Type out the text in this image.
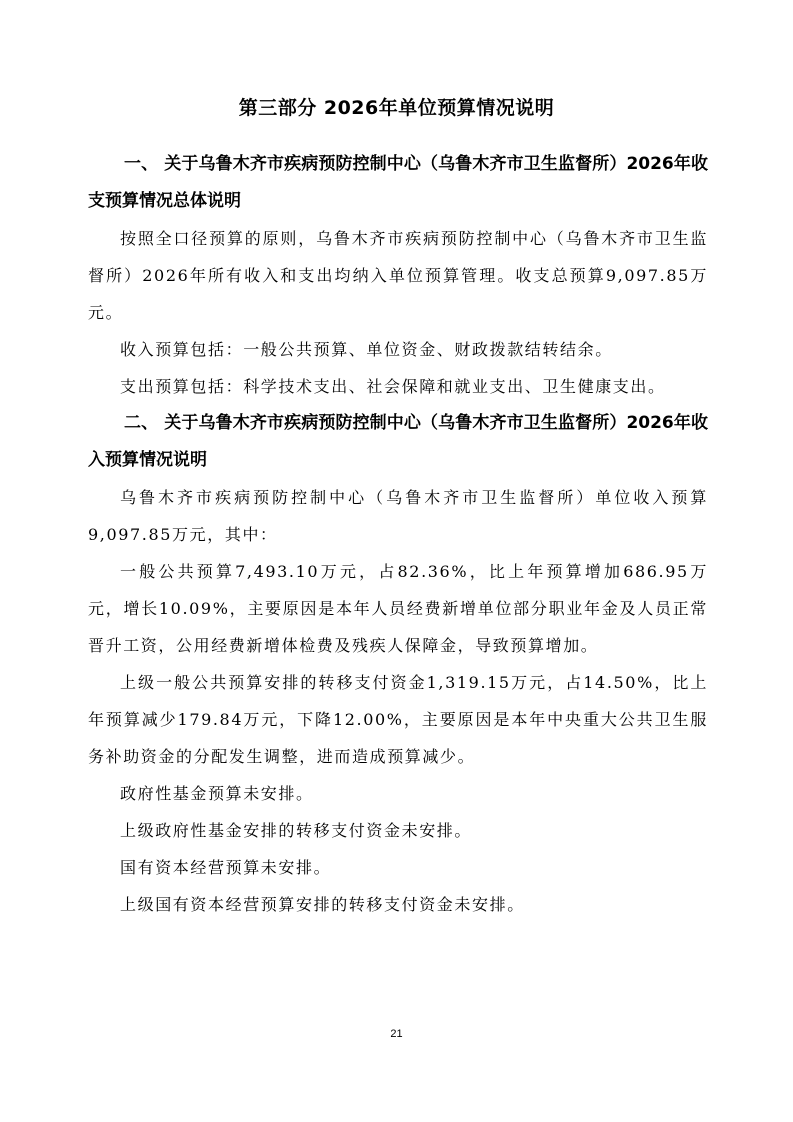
第三部分 2026年单位预算情况说明

一、 关于乌鲁木齐市疾病预防控制中心（乌鲁木齐市卫生监督所）2026年收支预算情况总体说明

按照全口径预算的原则，乌鲁木齐市疾病预防控制中心（乌鲁木齐市卫生监督所）2026年所有收入和支出均纳入单位预算管理。收支总预算9,097.85万元。

收入预算包括：一般公共预算、单位资金、财政拨款结转结余。

支出预算包括：科学技术支出、社会保障和就业支出、卫生健康支出。

二、 关于乌鲁木齐市疾病预防控制中心（乌鲁木齐市卫生监督所）2026年收入预算情况说明

乌鲁木齐市疾病预防控制中心（乌鲁木齐市卫生监督所）单位收入预算9,097.85万元，其中：

一般公共预算7,493.10万元，占82.36%，比上年预算增加686.95万元，增长10.09%，主要原因是本年人员经费新增单位部分职业年金及人员正常晋升工资，公用经费新增体检费及残疾人保障金，导致预算增加。

上级一般公共预算安排的转移支付资金1,319.15万元，占14.50%，比上年预算减少179.84万元，下降12.00%，主要原因是本年中央重大公共卫生服务补助资金的分配发生调整，进而造成预算减少。

政府性基金预算未安排。

上级政府性基金安排的转移支付资金未安排。

国有资本经营预算未安排。

上级国有资本经营预算安排的转移支付资金未安排。

21
